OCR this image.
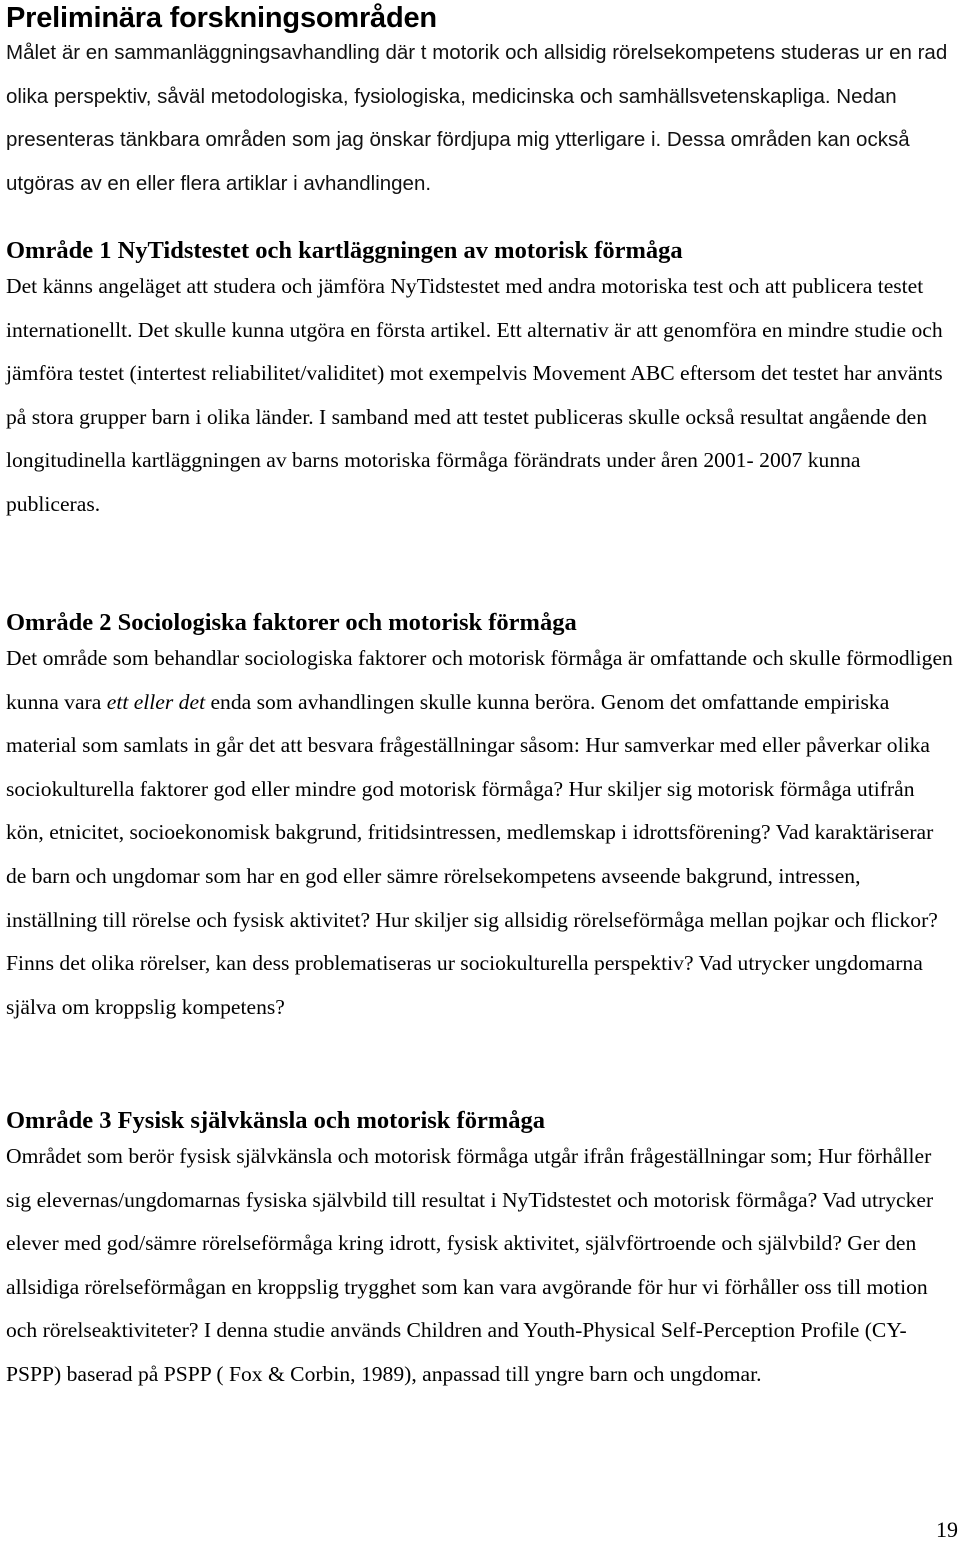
Preliminära forskningsområden

Målet är en sammanläggningsavhandling där t motorik och allsidig rörelsekompetens studeras ur en rad olika perspektiv, såväl metodologiska, fysiologiska, medicinska och samhällsvetenskapliga. Nedan presenteras tänkbara områden som jag önskar fördjupa mig ytterligare i. Dessa områden kan också utgöras av en eller flera artiklar i avhandlingen.

Område 1 NyTidstestet och kartläggningen av motorisk förmåga

Det känns angeläget att studera och jämföra NyTidstestet med andra motoriska test och att publicera testet internationellt. Det skulle kunna utgöra en första artikel. Ett alternativ är att genomföra en mindre studie och jämföra testet (intertest reliabilitet/validitet) mot exempelvis Movement ABC eftersom det testet har använts på stora grupper barn i olika länder. I samband med att testet publiceras skulle också resultat angående den longitudinella kartläggningen av barns motoriska förmåga förändrats under åren 2001- 2007 kunna publiceras.

Område 2 Sociologiska faktorer och motorisk förmåga

Det område som behandlar sociologiska faktorer och motorisk förmåga är omfattande och skulle förmodligen kunna vara ett eller det enda som avhandlingen skulle kunna beröra. Genom det omfattande empiriska material som samlats in går det att besvara frågeställningar såsom: Hur samverkar med eller påverkar olika sociokulturella faktorer god eller mindre god motorisk förmåga? Hur skiljer sig motorisk förmåga utifrån kön, etnicitet, socioekonomisk bakgrund, fritidsintressen, medlemskap i idrottsförening? Vad karaktäriserar de barn och ungdomar som har en god eller sämre rörelsekompetens avseende bakgrund, intressen, inställning till rörelse och fysisk aktivitet? Hur skiljer sig allsidig rörelseförmåga mellan pojkar och flickor? Finns det olika rörelser, kan dess problematiseras ur sociokulturella perspektiv? Vad utrycker ungdomarna själva om kroppslig kompetens?

Område 3 Fysisk självkänsla och motorisk förmåga

Området som berör fysisk självkänsla och motorisk förmåga utgår ifrån frågeställningar som; Hur förhåller sig elevernas/ungdomarnas fysiska självbild till resultat i NyTidstestet och motorisk förmåga? Vad utrycker elever med god/sämre rörelseförmåga kring idrott, fysisk aktivitet, självförtroende och självbild? Ger den allsidiga rörelseförmågan en kroppslig trygghet som kan vara avgörande för hur vi förhåller oss till motion och rörelseaktiviteter? I denna studie används Children and Youth-Physical Self-Perception Profile (CY-PSPP) baserad på PSPP ( Fox & Corbin, 1989), anpassad till yngre barn och ungdomar.

19
